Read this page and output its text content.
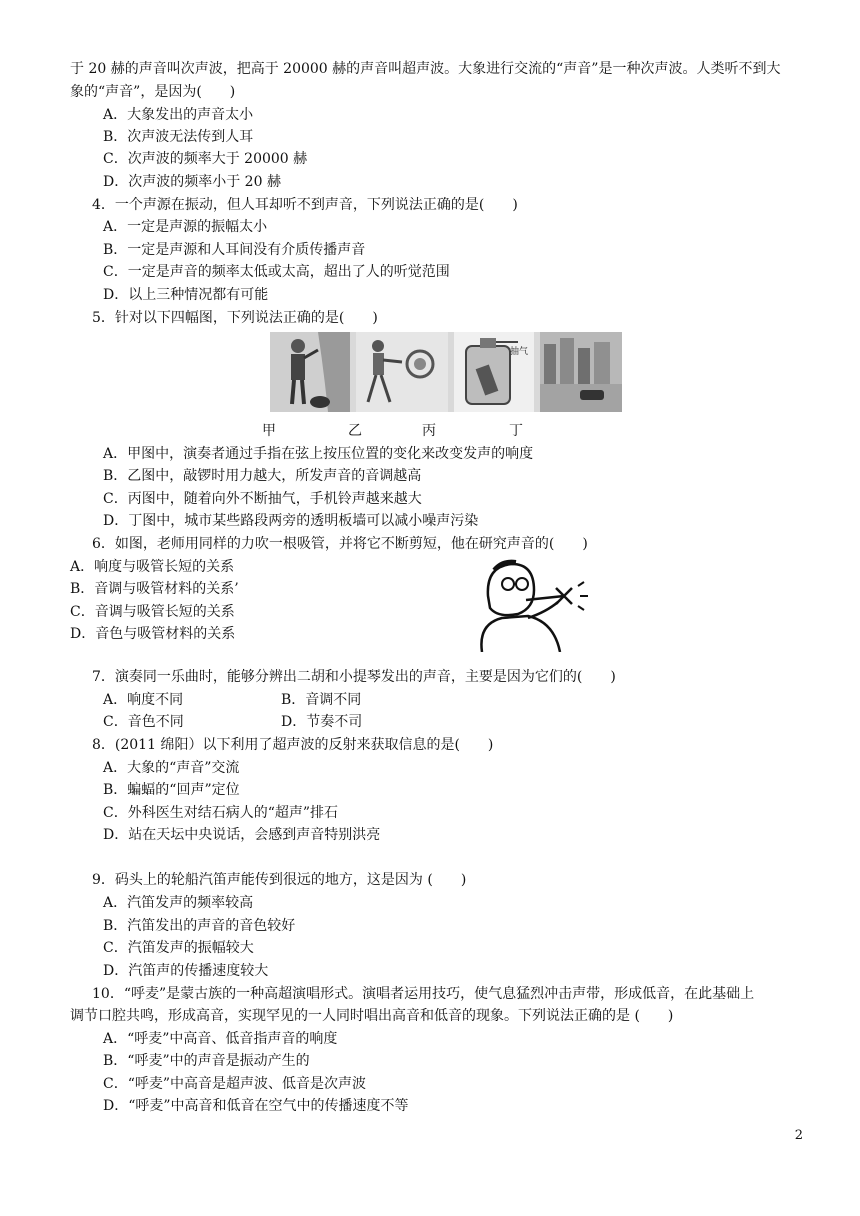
于 20 赫的声音叫次声波，把高于 20000 赫的声音叫超声波。大象进行交流的“声音”是一种次声波。人类听不到大
象的“声音”，是因为(　　)
A．大象发出的声音太小
B．次声波无法传到人耳
C．次声波的频率大于 20000 赫
D．次声波的频率小于 20 赫
4．一个声源在振动，但人耳却听不到声音，下列说法正确的是(　　)
A．一定是声源的振幅太小
B．一定是声源和人耳间没有介质传播声音
C．一定是声音的频率太低或太高，超出了人的听觉范围
D．以上三种情况都有可能
5．针对以下四幅图，下列说法正确的是(　　)
抽气
甲	乙	丙	丁
A．甲图中，演奏者通过手指在弦上按压位置的变化来改变发声的响度
B．乙图中，敲锣时用力越大，所发声音的音调越高
C．丙图中，随着向外不断抽气，手机铃声越来越大
D．丁图中，城市某些路段两旁的透明板墙可以减小噪声污染
6．如图，老师用同样的力吹一根吸管，并将它不断剪短，他在研究声音的(　　)
A．响度与吸管长短的关系
B．音调与吸管材料的关系’
C．音调与吸管长短的关系
D．音色与吸管材料的关系
7．演奏同一乐曲时，能够分辨出二胡和小提琴发出的声音，主要是因为它们的(　　)
A．响度不同	B．音调不同
C．音色不同	D．节奏不司
8．(2011 绵阳）以下利用了超声波的反射来获取信息的是(　　)
A．大象的“声音”交流
B．蝙蝠的“回声”定位
C．外科医生对结石病人的“超声”排石
D．站在天坛中央说话，会感到声音特别洪亮
9．码头上的轮船汽笛声能传到很远的地方，这是因为 (　　)
A．汽笛发声的频率较高
B．汽笛发出的声音的音色较好
C．汽笛发声的振幅较大
D．汽笛声的传播速度较大
10．“呼麦”是蒙古族的一种高超演唱形式。演唱者运用技巧，使气息猛烈冲击声带，形成低音，在此基础上
调节口腔共鸣，形成高音，实现罕见的一人同时唱出高音和低音的现象。下列说法正确的是 (　　)
A．“呼麦”中高音、低音指声音的响度
B．“呼麦”中的声音是振动产生的
C．“呼麦”中高音是超声波、低音是次声波
D．“呼麦”中高音和低音在空气中的传播速度不等
2
